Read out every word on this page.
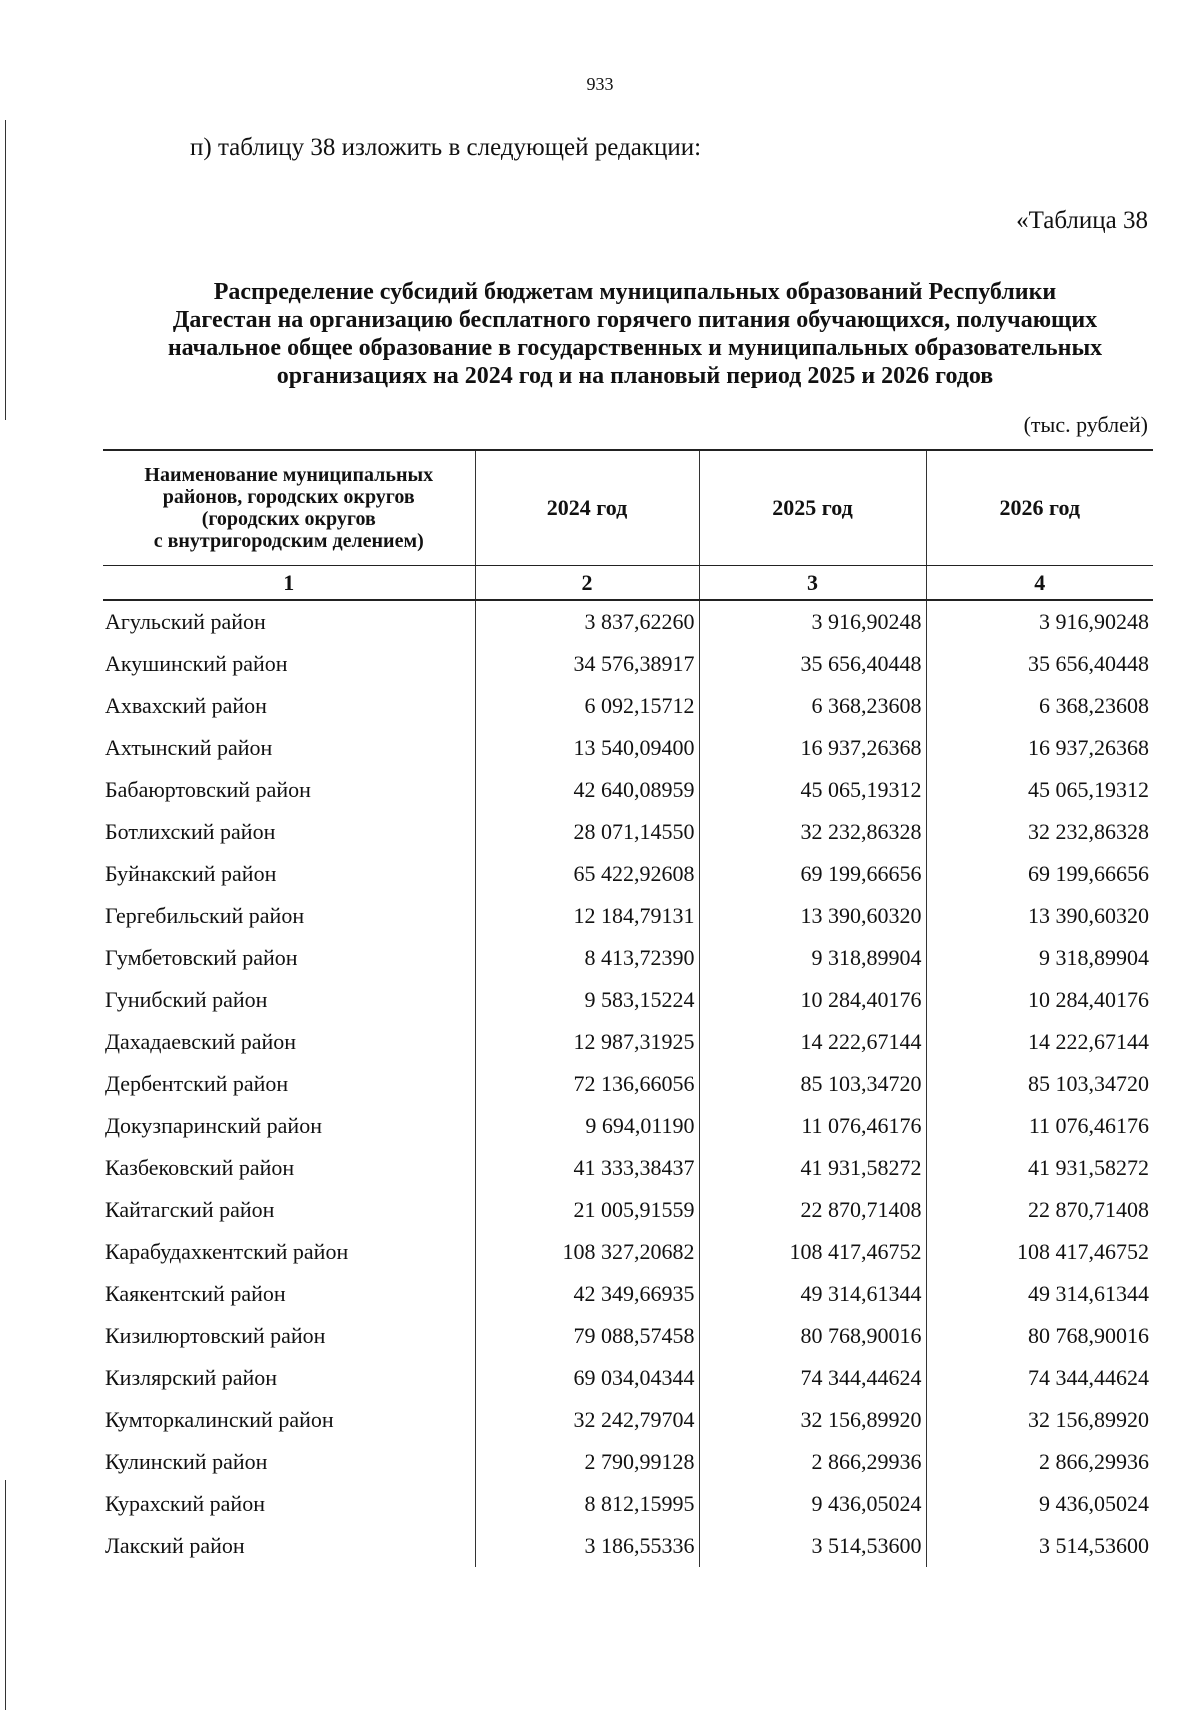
933
п) таблицу 38 изложить в следующей редакции:
«Таблица 38
Распределение субсидий бюджетам муниципальных образований Республики
Дагестан на организацию бесплатного горячего питания обучающихся, получающих
начальное общее образование в государственных и муниципальных образовательных
организациях на 2024 год и на плановый период 2025 и 2026 годов
(тыс. рублей)
Наименование муниципальных
районов, городских округов
(городских округов
с внутригородским делением)	2024 год	2025 год	2026 год
1	2	3	4
Агульский район	3 837,62260	3 916,90248	3 916,90248
Акушинский район	34 576,38917	35 656,40448	35 656,40448
Ахвахский район	6 092,15712	6 368,23608	6 368,23608
Ахтынский район	13 540,09400	16 937,26368	16 937,26368
Бабаюртовский район	42 640,08959	45 065,19312	45 065,19312
Ботлихский район	28 071,14550	32 232,86328	32 232,86328
Буйнакский район	65 422,92608	69 199,66656	69 199,66656
Гергебильский район	12 184,79131	13 390,60320	13 390,60320
Гумбетовский район	8 413,72390	9 318,89904	9 318,89904
Гунибский район	9 583,15224	10 284,40176	10 284,40176
Дахадаевский район	12 987,31925	14 222,67144	14 222,67144
Дербентский район	72 136,66056	85 103,34720	85 103,34720
Докузпаринский район	9 694,01190	11 076,46176	11 076,46176
Казбековский район	41 333,38437	41 931,58272	41 931,58272
Кайтагский район	21 005,91559	22 870,71408	22 870,71408
Карабудахкентский район	108 327,20682	108 417,46752	108 417,46752
Каякентский район	42 349,66935	49 314,61344	49 314,61344
Кизилюртовский район	79 088,57458	80 768,90016	80 768,90016
Кизлярский район	69 034,04344	74 344,44624	74 344,44624
Кумторкалинский район	32 242,79704	32 156,89920	32 156,89920
Кулинский район	2 790,99128	2 866,29936	2 866,29936
Курахский район	8 812,15995	9 436,05024	9 436,05024
Лакский район	3 186,55336	3 514,53600	3 514,53600
